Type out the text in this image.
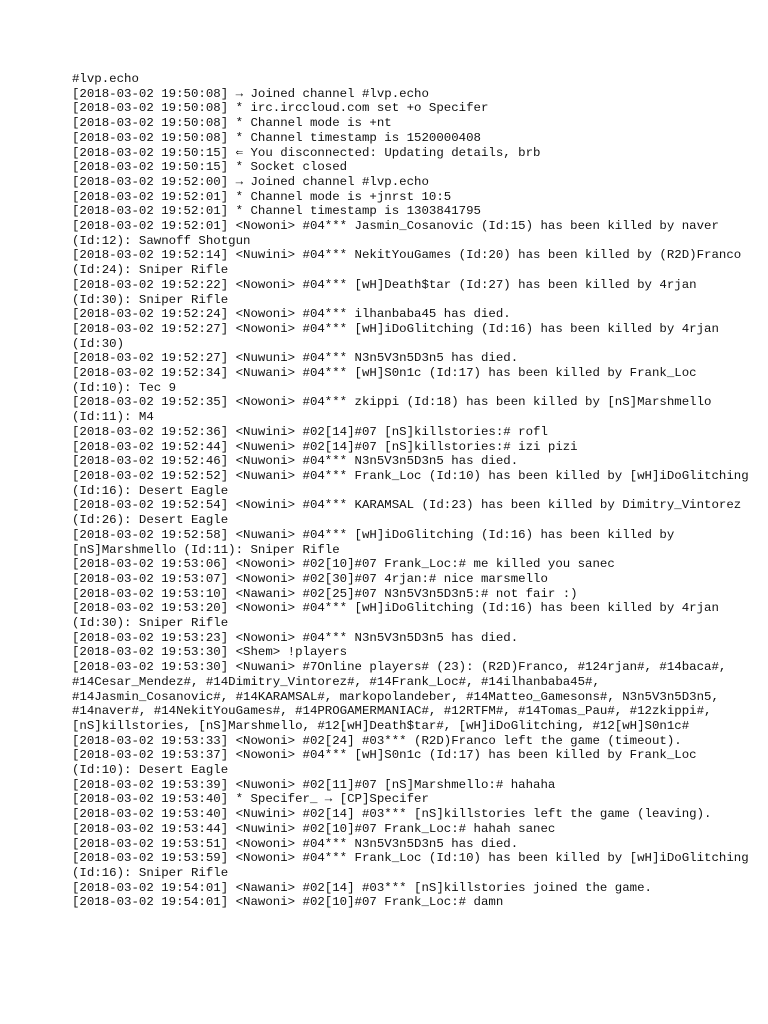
#lvp.echo

[2018-03-02 19:50:08] → Joined channel #lvp.echo

[2018-03-02 19:50:08] * irc.irccloud.com set +o Specifer

[2018-03-02 19:50:08] * Channel mode is +nt

[2018-03-02 19:50:08] * Channel timestamp is 1520000408

[2018-03-02 19:50:15] ⇐ You disconnected: Updating details, brb

[2018-03-02 19:50:15] * Socket closed

[2018-03-02 19:52:00] → Joined channel #lvp.echo

[2018-03-02 19:52:01] * Channel mode is +jnrst 10:5

[2018-03-02 19:52:01] * Channel timestamp is 1303841795

[2018-03-02 19:52:01] <Nowoni> #04*** Jasmin_Cosanovic (Id:15) has been killed by naver (Id:12): Sawnoff Shotgun

[2018-03-02 19:52:14] <Nuwini> #04*** NekitYouGames (Id:20) has been killed by (R2D)Franco (Id:24): Sniper Rifle

[2018-03-02 19:52:22] <Nowoni> #04*** [wH]Death$tar (Id:27) has been killed by 4rjan (Id:30): Sniper Rifle

[2018-03-02 19:52:24] <Nowoni> #04*** ilhanbaba45 has died.

[2018-03-02 19:52:27] <Nowoni> #04*** [wH]iDoGlitching (Id:16) has been killed by 4rjan (Id:30)

[2018-03-02 19:52:27] <Nuwuni> #04*** N3n5V3n5D3n5 has died.

[2018-03-02 19:52:34] <Nuwani> #04*** [wH]S0n1c (Id:17) has been killed by Frank_Loc (Id:10): Tec 9

[2018-03-02 19:52:35] <Nowoni> #04*** zkippi (Id:18) has been killed by [nS]Marshmello (Id:11): M4

[2018-03-02 19:52:36] <Nuwini> #02[14]#07 [nS]killstories:# rofl

[2018-03-02 19:52:44] <Nuweni> #02[14]#07 [nS]killstories:# izi pizi

[2018-03-02 19:52:46] <Nuwoni> #04*** N3n5V3n5D3n5 has died.

[2018-03-02 19:52:52] <Nuwani> #04*** Frank_Loc (Id:10) has been killed by [wH]iDoGlitching (Id:16): Desert Eagle

[2018-03-02 19:52:54] <Nowini> #04*** KARAMSAL (Id:23) has been killed by Dimitry_Vintorez (Id:26): Desert Eagle

[2018-03-02 19:52:58] <Nuwani> #04*** [wH]iDoGlitching (Id:16) has been killed by [nS]Marshmello (Id:11): Sniper Rifle

[2018-03-02 19:53:06] <Nowoni> #02[10]#07 Frank_Loc:# me killed you sanec

[2018-03-02 19:53:07] <Nowoni> #02[30]#07 4rjan:# nice marsmello

[2018-03-02 19:53:10] <Nawani> #02[25]#07 N3n5V3n5D3n5:# not fair :)

[2018-03-02 19:53:20] <Nowoni> #04*** [wH]iDoGlitching (Id:16) has been killed by 4rjan (Id:30): Sniper Rifle

[2018-03-02 19:53:23] <Nowoni> #04*** N3n5V3n5D3n5 has died.

[2018-03-02 19:53:30] <Shem> !players

[2018-03-02 19:53:30] <Nuwani> #7Online players# (23): (R2D)Franco, #124rjan#, #14baca#, #14Cesar_Mendez#, #14Dimitry_Vintorez#, #14Frank_Loc#, #14ilhanbaba45#, #14Jasmin_Cosanovic#, #14KARAMSAL#, markopolandeber, #14Matteo_Gamesons#, N3n5V3n5D3n5, #14naver#, #14NekitYouGames#, #14PROGAMERMANIAC#, #12RTFM#, #14Tomas_Pau#, #12zkippi#, [nS]killstories, [nS]Marshmello, #12[wH]Death$tar#, [wH]iDoGlitching, #12[wH]S0n1c#

[2018-03-02 19:53:33] <Nowoni> #02[24] #03*** (R2D)Franco left the game (timeout).

[2018-03-02 19:53:37] <Nowoni> #04*** [wH]S0n1c (Id:17) has been killed by Frank_Loc (Id:10): Desert Eagle

[2018-03-02 19:53:39] <Nuwoni> #02[11]#07 [nS]Marshmello:# hahaha

[2018-03-02 19:53:40] * Specifer_ → [CP]Specifer

[2018-03-02 19:53:40] <Nuwini> #02[14] #03*** [nS]killstories left the game (leaving).

[2018-03-02 19:53:44] <Nuwini> #02[10]#07 Frank_Loc:# hahah sanec

[2018-03-02 19:53:51] <Nowoni> #04*** N3n5V3n5D3n5 has died.

[2018-03-02 19:53:59] <Nowoni> #04*** Frank_Loc (Id:10) has been killed by [wH]iDoGlitching (Id:16): Sniper Rifle

[2018-03-02 19:54:01] <Nawani> #02[14] #03*** [nS]killstories joined the game.

[2018-03-02 19:54:01] <Nawoni> #02[10]#07 Frank_Loc:# damn
